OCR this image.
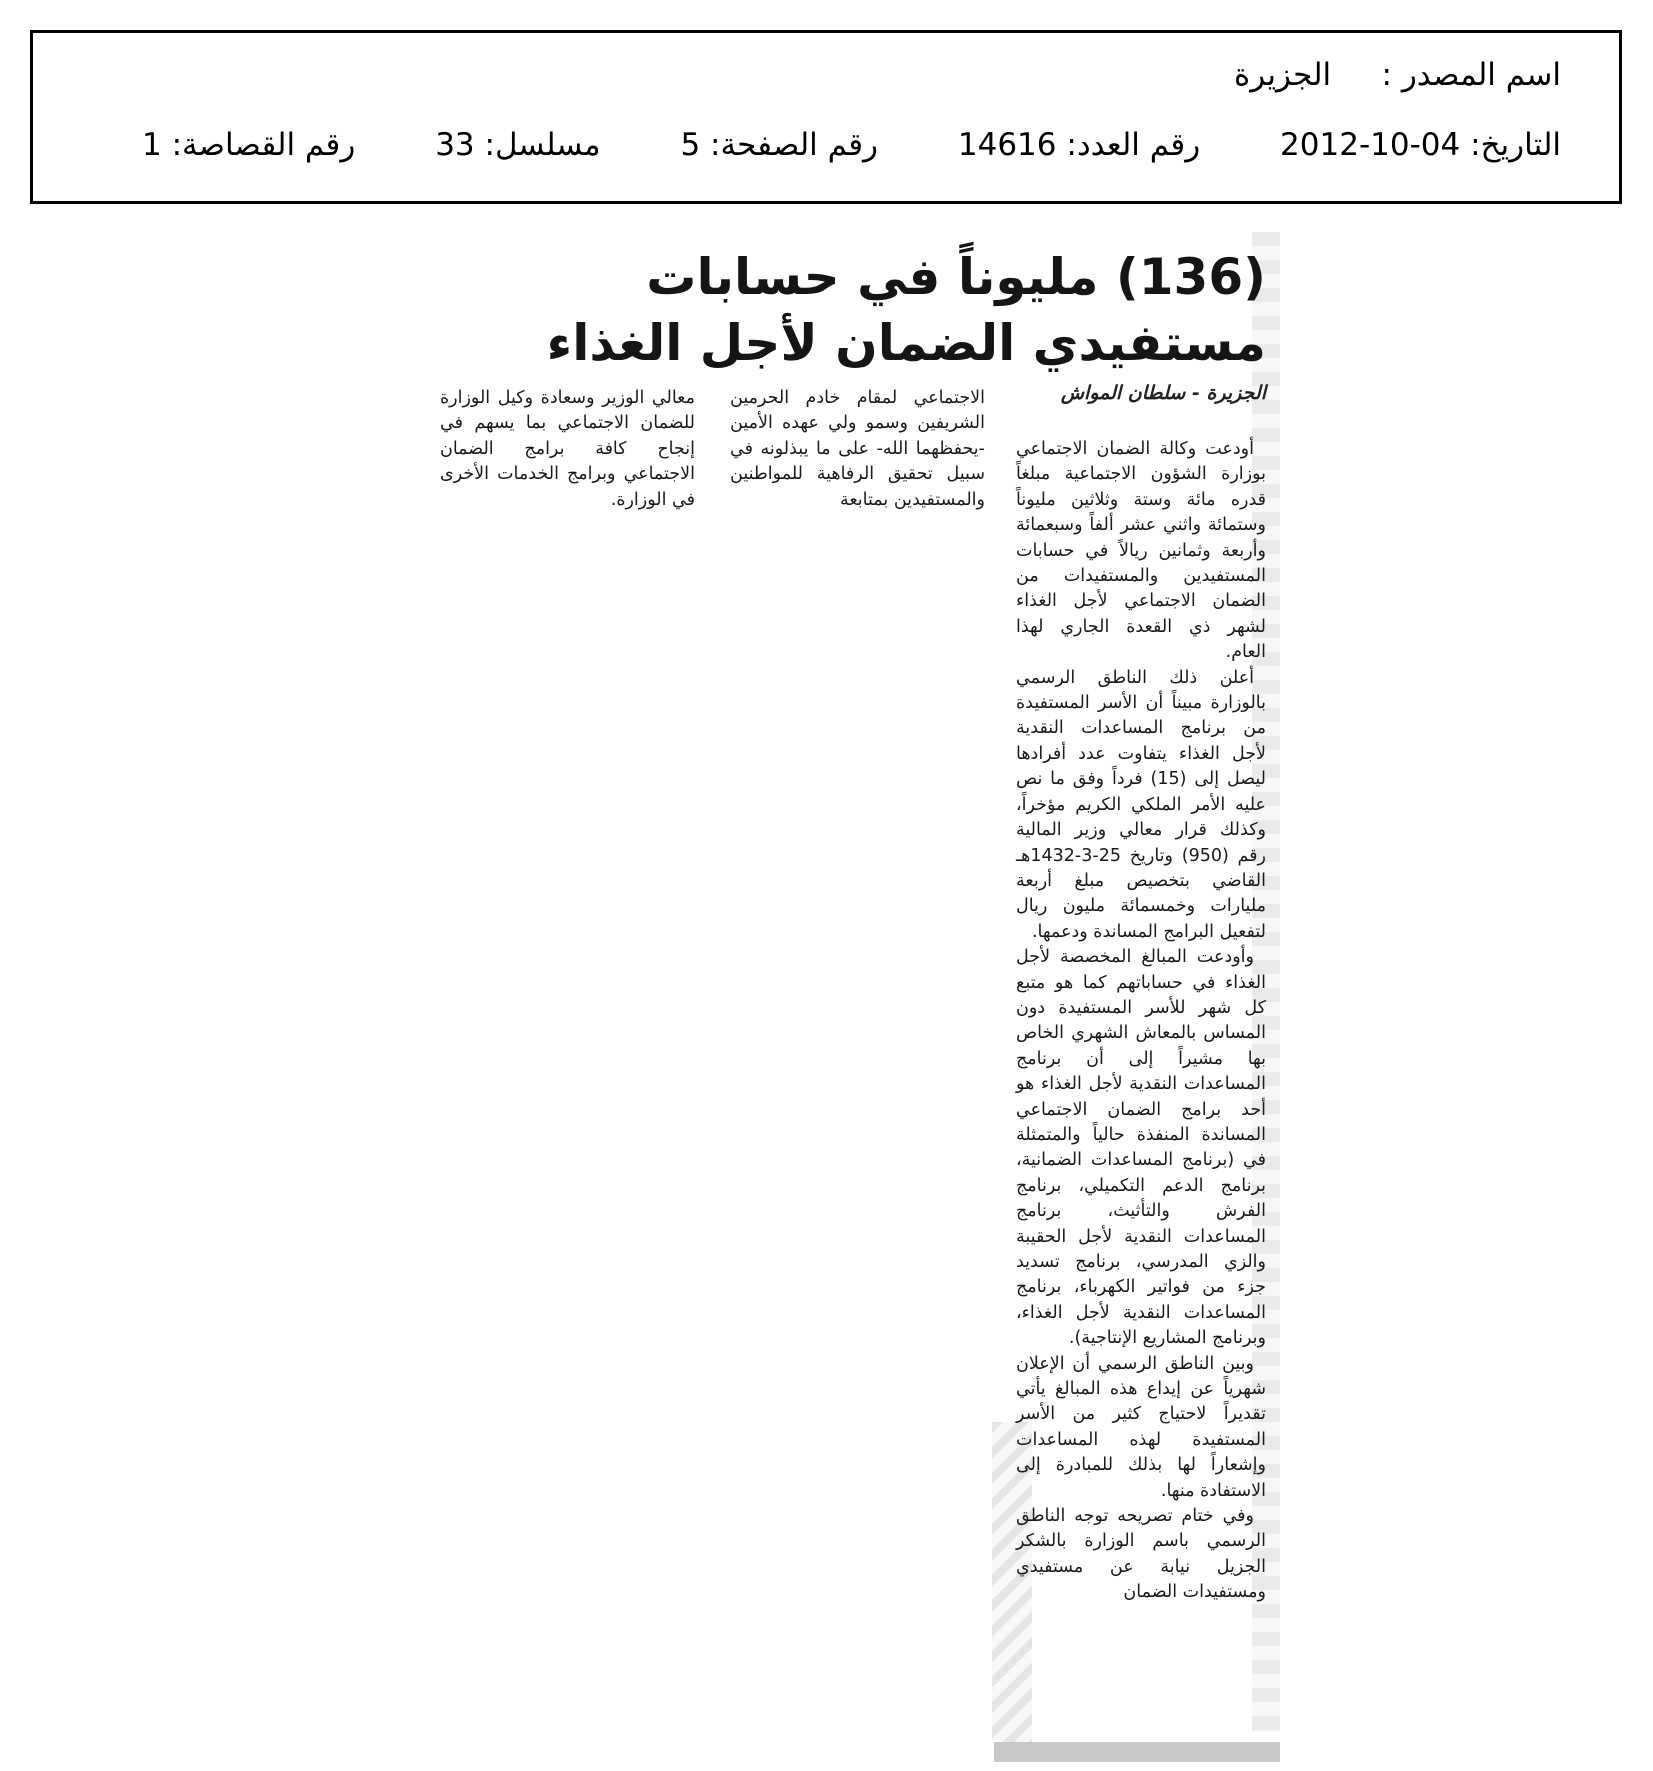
اسم المصدر : الجزيرة
التاريخ: 04-10-2012 رقم العدد: 14616 رقم الصفحة: 5 مسلسل: 33 رقم القصاصة: 1
(136) مليوناً في حسابات مستفيدي الضمان لأجل الغذاء
الجزيرة - سلطان المواش

أودعت وكالة الضمان الاجتماعي بوزارة الشؤون الاجتماعية مبلغاً قدره مائة وستة وثلاثين مليوناً وستمائة واثني عشر ألفاً وسبعمائة وأربعة وثمانين ريالاً في حسابات المستفيدين والمستفيدات من الضمان الاجتماعي لأجل الغذاء لشهر ذي القعدة الجاري لهذا العام.

أعلن ذلك الناطق الرسمي بالوزارة مبيناً أن الأسر المستفيدة من برنامج المساعدات النقدية لأجل الغذاء يتفاوت عدد أفرادها ليصل إلى (15) فرداً وفق ما نص عليه الأمر الملكي الكريم مؤخراً، وكذلك قرار معالي وزير المالية رقم (950) وتاريخ 25-3-1432هـ القاضي بتخصيص مبلغ أربعة مليارات وخمسمائة مليون ريال لتفعيل البرامج المساندة ودعمها.

وأودعت المبالغ المخصصة لأجل الغذاء في حساباتهم كما هو متبع كل شهر للأسر المستفيدة دون المساس بالمعاش الشهري الخاص بها مشيراً إلى أن برنامج المساعدات النقدية لأجل الغذاء هو أحد برامج الضمان الاجتماعي المساندة المنفذة حالياً والمتمثلة في (برنامج المساعدات الضمانية، برنامج الدعم التكميلي، برنامج الفرش والتأثيث، برنامج المساعدات النقدية لأجل الحقيبة والزي المدرسي، برنامج تسديد جزء من فواتير الكهرباء، برنامج المساعدات النقدية لأجل الغذاء، وبرنامج المشاريع الإنتاجية).

وبين الناطق الرسمي أن الإعلان شهرياً عن إيداع هذه المبالغ يأتي تقديراً لاحتياج كثير من الأسر المستفيدة لهذه المساعدات وإشعاراً لها بذلك للمبادرة إلى الاستفادة منها.

وفي ختام تصريحه توجه الناطق الرسمي باسم الوزارة بالشكر الجزيل نيابة عن مستفيدي ومستفيدات الضمان

الاجتماعي لمقام خادم الحرمين الشريفين وسمو ولي عهده الأمين -يحفظهما الله- على ما يبذلونه في سبيل تحقيق الرفاهية للمواطنين والمستفيدين بمتابعة

معالي الوزير وسعادة وكيل الوزارة للضمان الاجتماعي بما يسهم في إنجاح كافة برامج الضمان الاجتماعي وبرامج الخدمات الأخرى في الوزارة.
